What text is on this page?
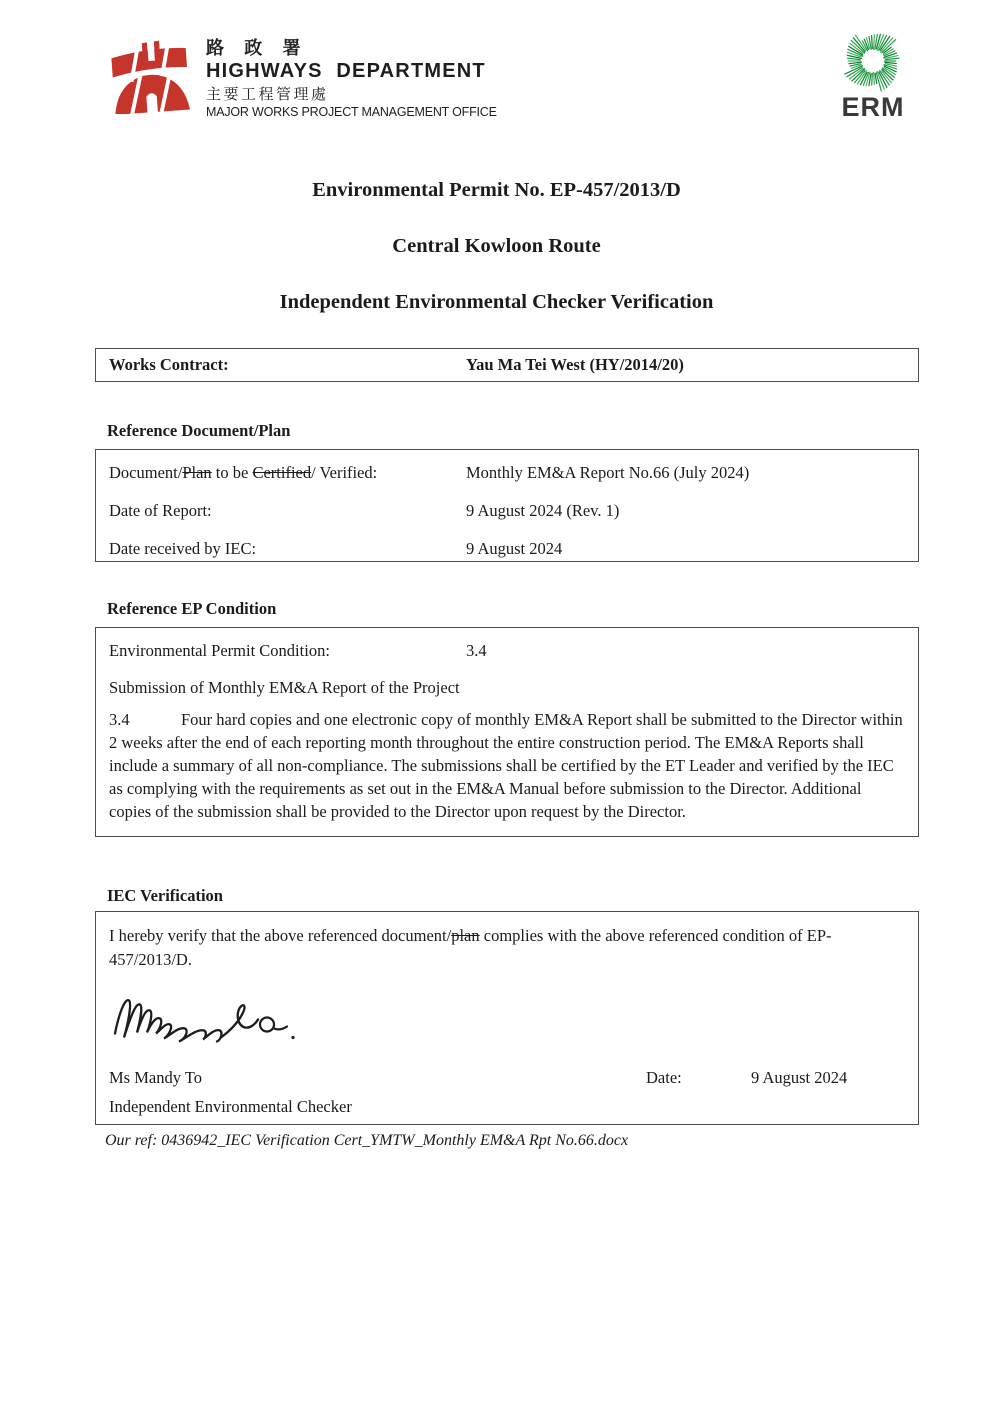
路 政 署
HIGHWAYS DEPARTMENT
主要工程管理處
MAJOR WORKS PROJECT MANAGEMENT OFFICE	ERM
Environmental Permit No. EP-457/2013/D
Central Kowloon Route
Independent Environmental Checker Verification
Works Contract:	Yau Ma Tei West (HY/2014/20)
Reference Document/Plan
Document/Plan to be Certified/ Verified:	Monthly EM&A Report No.66 (July 2024)
Date of Report:	9 August 2024 (Rev. 1)
Date received by IEC:	9 August 2024
Reference EP Condition
Environmental Permit Condition:	3.4
Submission of Monthly EM&A Report of the Project
3.4	Four hard copies and one electronic copy of monthly EM&A Report shall be submitted to the Director within 2 weeks after the end of each reporting month throughout the entire construction period. The EM&A Reports shall include a summary of all non-compliance. The submissions shall be certified by the ET Leader and verified by the IEC as complying with the requirements as set out in the EM&A Manual before submission to the Director. Additional copies of the submission shall be provided to the Director upon request by the Director.
IEC Verification
I hereby verify that the above referenced document/plan complies with the above referenced condition of EP-457/2013/D.
Ms Mandy To	Date:	9 August 2024
Independent Environmental Checker
Our ref: 0436942_IEC Verification Cert_YMTW_Monthly EM&A Rpt No.66.docx
